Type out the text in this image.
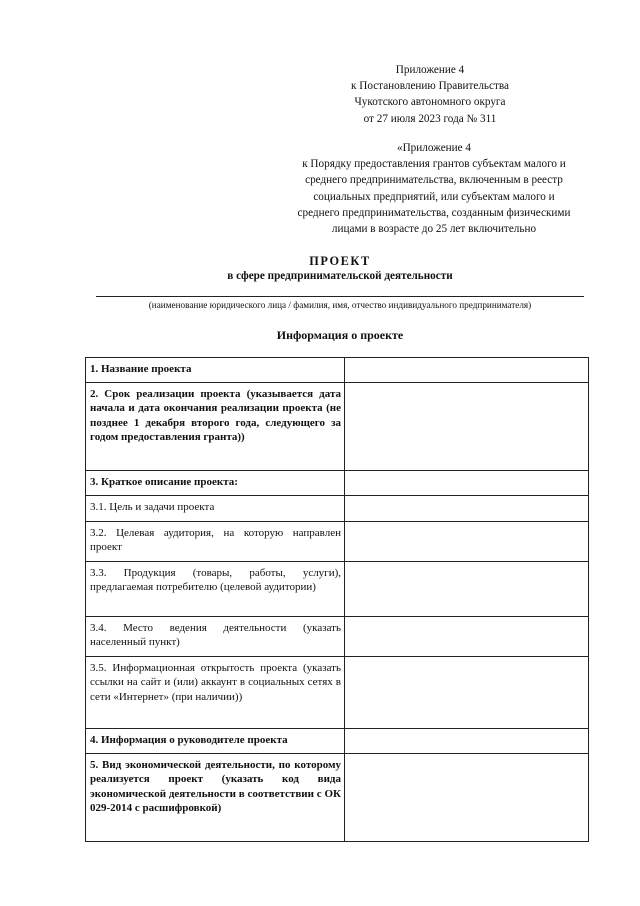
Приложение 4
к Постановлению Правительства
Чукотского автономного округа
от 27 июля 2023 года № 311
«Приложение 4
к Порядку предоставления грантов субъектам малого и
среднего предпринимательства, включенным в реестр
социальных предприятий, или субъектам малого и
среднего предпринимательства, созданным физическими
лицами в возрасте до 25 лет включительно
ПРОЕКТ
в сфере предпринимательской деятельности
(наименование юридического лица / фамилия, имя, отчество индивидуального предпринимателя)
Информация о проекте
1. Название проекта	
2. Срок реализации проекта (указывается дата начала и дата окончания реализации проекта (не позднее 1 декабря второго года, следующего за годом предоставления гранта))	
3. Краткое описание проекта:	
3.1. Цель и задачи проекта	
3.2. Целевая аудитория, на которую направлен проект	
3.3. Продукция (товары, работы, услуги), предлагаемая потребителю (целевой аудитории)	
3.4. Место ведения деятельности (указать населенный пункт)	
3.5. Информационная открытость проекта (указать ссылки на сайт и (или) аккаунт в социальных сетях в сети «Интернет» (при наличии))	
4. Информация о руководителе проекта	
5. Вид экономической деятельности, по которому реализуется проект (указать код вида экономической деятельности в соответствии с ОК 029-2014 с расшифровкой)	
